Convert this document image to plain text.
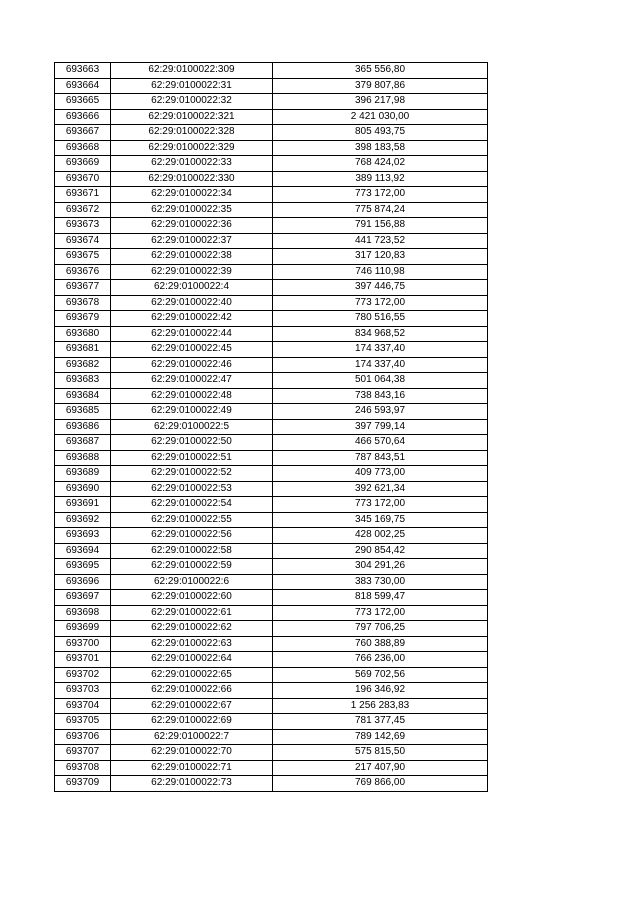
693663	62:29:0100022:309	365 556,80
693664	62:29:0100022:31	379 807,86
693665	62:29:0100022:32	396 217,98
693666	62:29:0100022:321	2 421 030,00
693667	62:29:0100022:328	805 493,75
693668	62:29:0100022:329	398 183,58
693669	62:29:0100022:33	768 424,02
693670	62:29:0100022:330	389 113,92
693671	62:29:0100022:34	773 172,00
693672	62:29:0100022:35	775 874,24
693673	62:29:0100022:36	791 156,88
693674	62:29:0100022:37	441 723,52
693675	62:29:0100022:38	317 120,83
693676	62:29:0100022:39	746 110,98
693677	62:29:0100022:4	397 446,75
693678	62:29:0100022:40	773 172,00
693679	62:29:0100022:42	780 516,55
693680	62:29:0100022:44	834 968,52
693681	62:29:0100022:45	174 337,40
693682	62:29:0100022:46	174 337,40
693683	62:29:0100022:47	501 064,38
693684	62:29:0100022:48	738 843,16
693685	62:29:0100022:49	246 593,97
693686	62:29:0100022:5	397 799,14
693687	62:29:0100022:50	466 570,64
693688	62:29:0100022:51	787 843,51
693689	62:29:0100022:52	409 773,00
693690	62:29:0100022:53	392 621,34
693691	62:29:0100022:54	773 172,00
693692	62:29:0100022:55	345 169,75
693693	62:29:0100022:56	428 002,25
693694	62:29:0100022:58	290 854,42
693695	62:29:0100022:59	304 291,26
693696	62:29:0100022:6	383 730,00
693697	62:29:0100022:60	818 599,47
693698	62:29:0100022:61	773 172,00
693699	62:29:0100022:62	797 706,25
693700	62:29:0100022:63	760 388,89
693701	62:29:0100022:64	766 236,00
693702	62:29:0100022:65	569 702,56
693703	62:29:0100022:66	196 346,92
693704	62:29:0100022:67	1 256 283,83
693705	62:29:0100022:69	781 377,45
693706	62:29:0100022:7	789 142,69
693707	62:29:0100022:70	575 815,50
693708	62:29:0100022:71	217 407,90
693709	62:29:0100022:73	769 866,00
